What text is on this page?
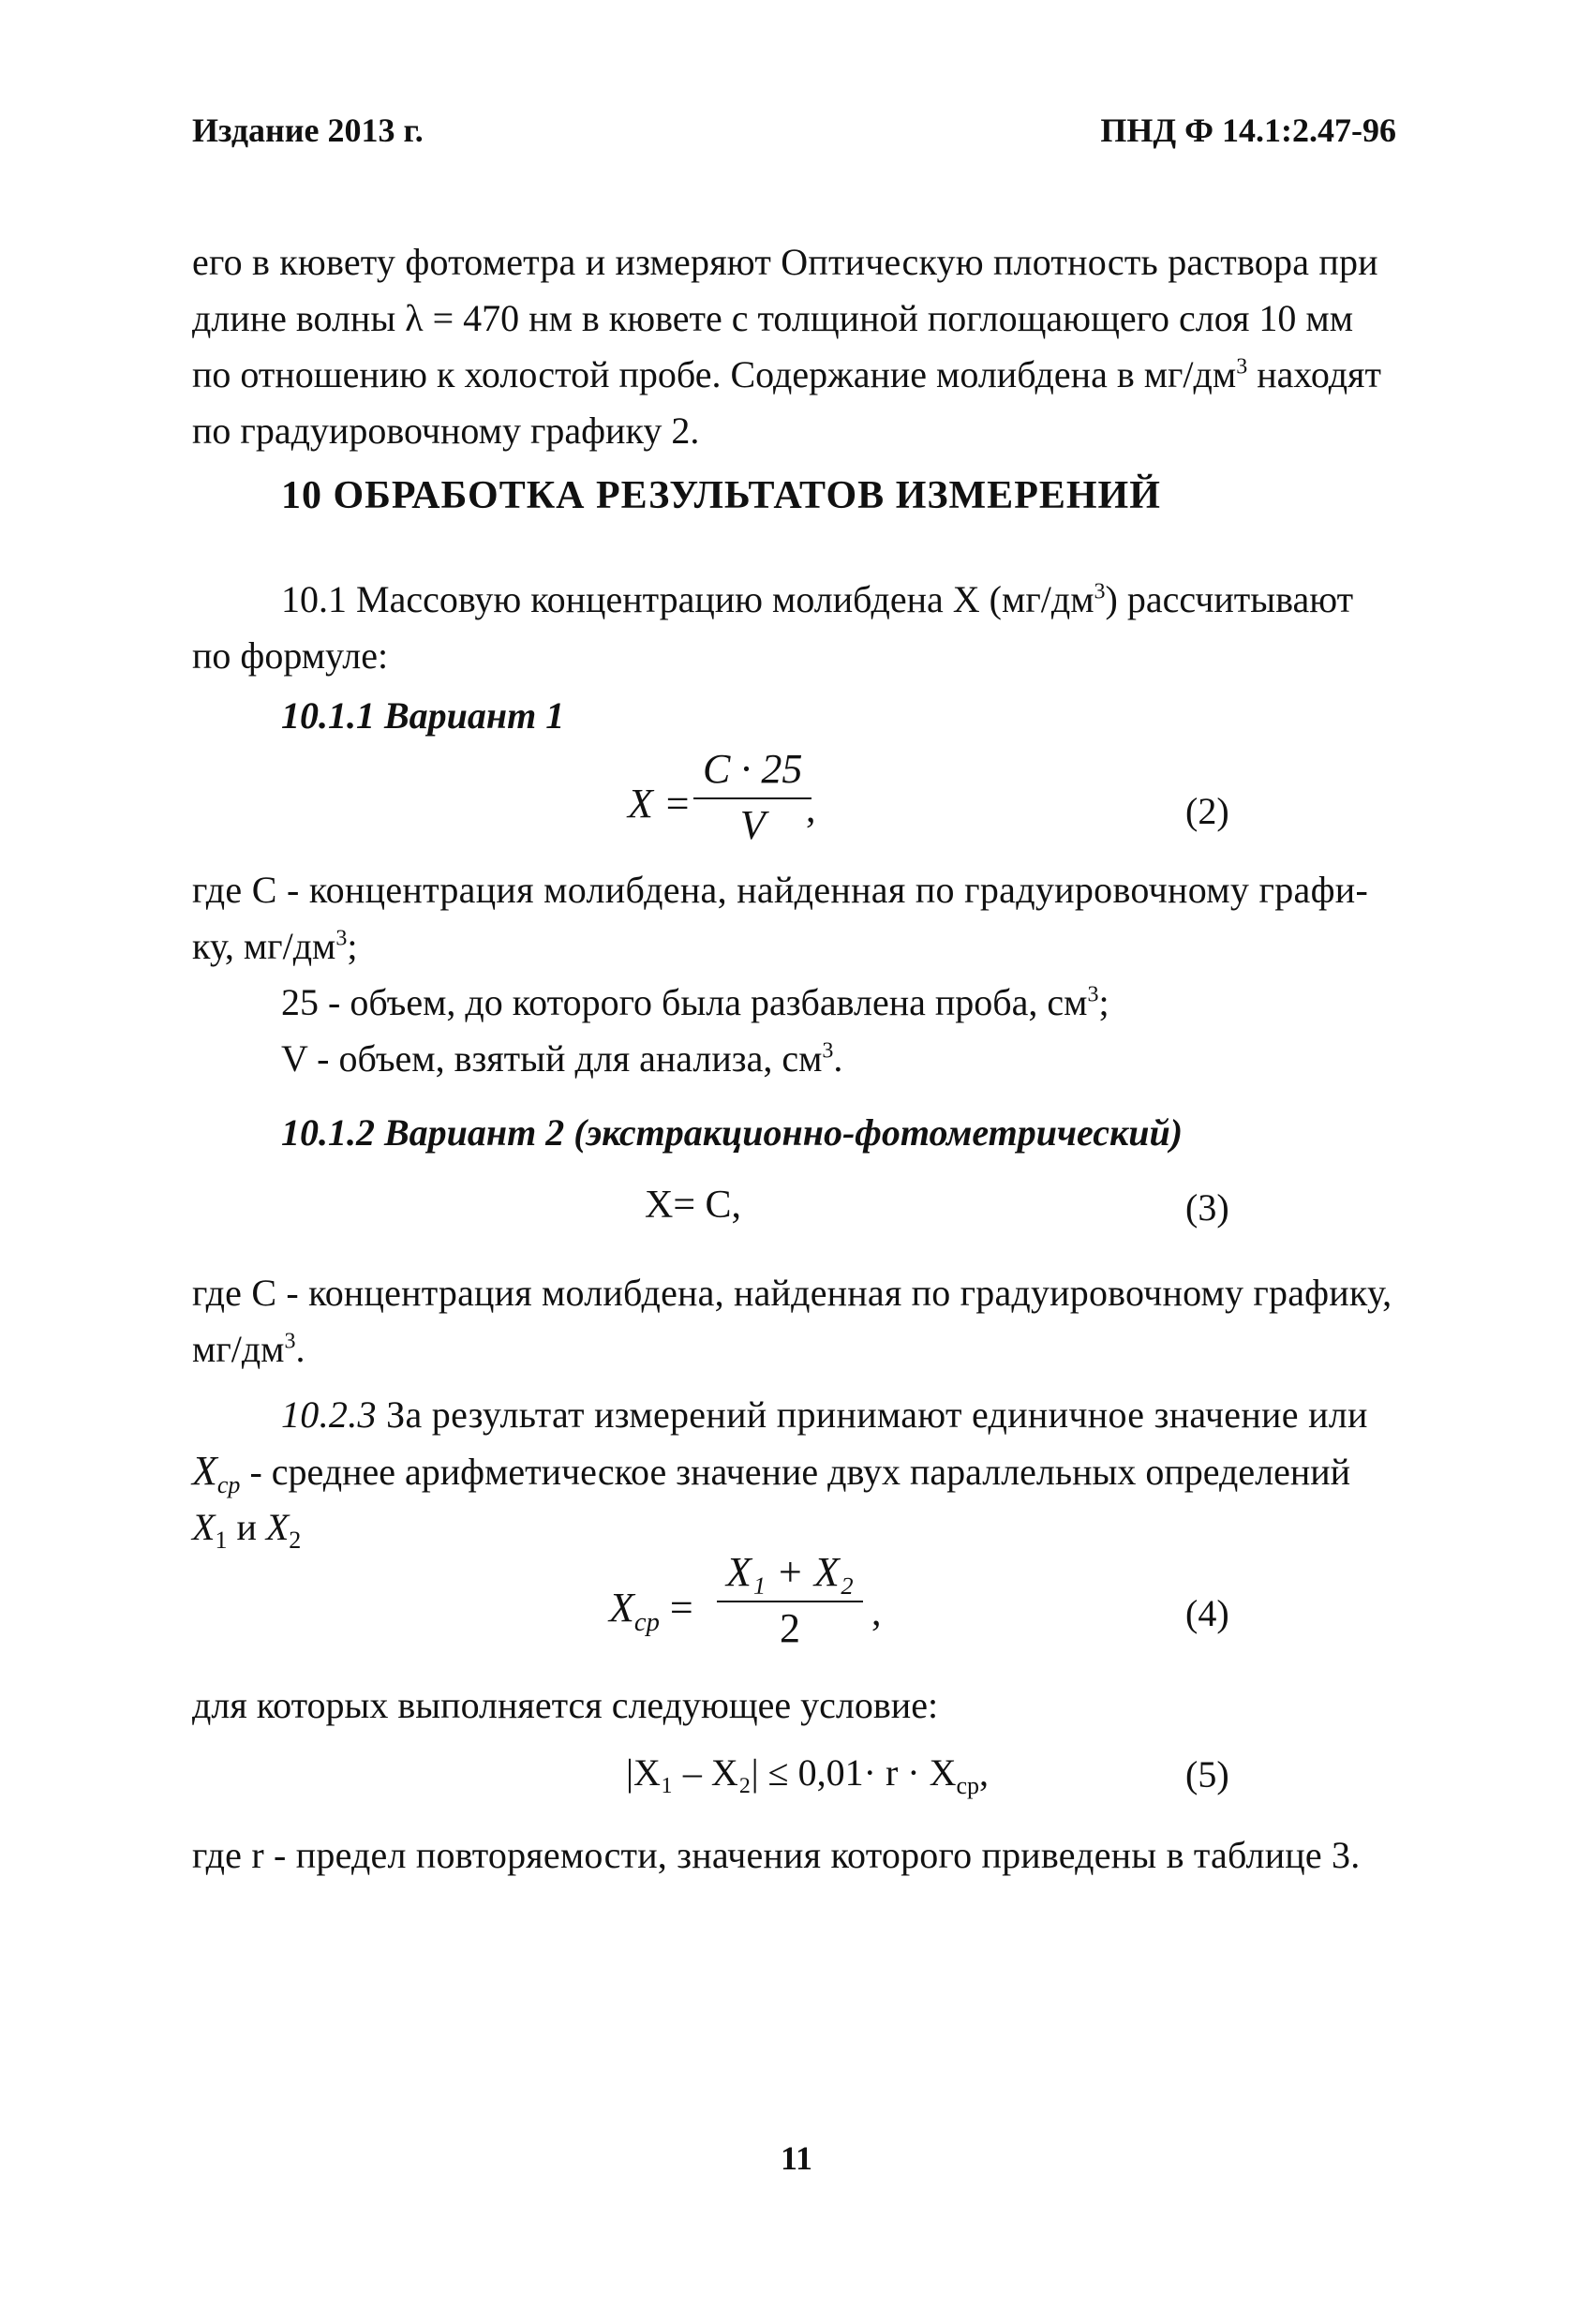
Издание 2013 г.	ПНД Ф 14.1:2.47-96
его в кювету фотометра и измеряют Оптическую плотность раствора при
длине волны λ = 470 нм в кювете с толщиной поглощающего слоя 10 мм
по отношению к холостой пробе. Содержание молибдена в $мг/дм^3$ находят
по градуировочному графику 2.
10 ОБРАБОТКА РЕЗУЛЬТАТОВ ИЗМЕРЕНИЙ
10.1 Массовую концентрацию молибдена X $(мг/дм^3)$ рассчитывают
по формуле:
10.1.1 Вариант 1
$X = \frac{C \cdot 25}{V}$
,	(2)
где C - концентрация молибдена, найденная по градуировочному графи-
ку, $мг/дм^3$;
25 - объем, до которого была разбавлена проба, $см^3$;
V - объем, взятый для анализа, $см^3$.
10.1.2 Вариант 2 (экстракционно-фотометрический)
X= C,	(3)
где C - концентрация молибдена, найденная по градуировочному графику,
$мг/дм^3$.
10.2.3 За результат измерений принимают единичное значение или
$X_{cp}$ - среднее арифметическое значение двух параллельных определений
$X_1$ и $X_2$
$X_{cp} = \frac{\text{X₁ + X₂}}{2}$ ,	(4)
для которых выполняется следующее условие:
$|X_1 - X_2| \le 0,01\cdot r \cdot X_{cp}$,	(5)
где r - предел повторяемости, значения которого приведены в таблице 3.
11
